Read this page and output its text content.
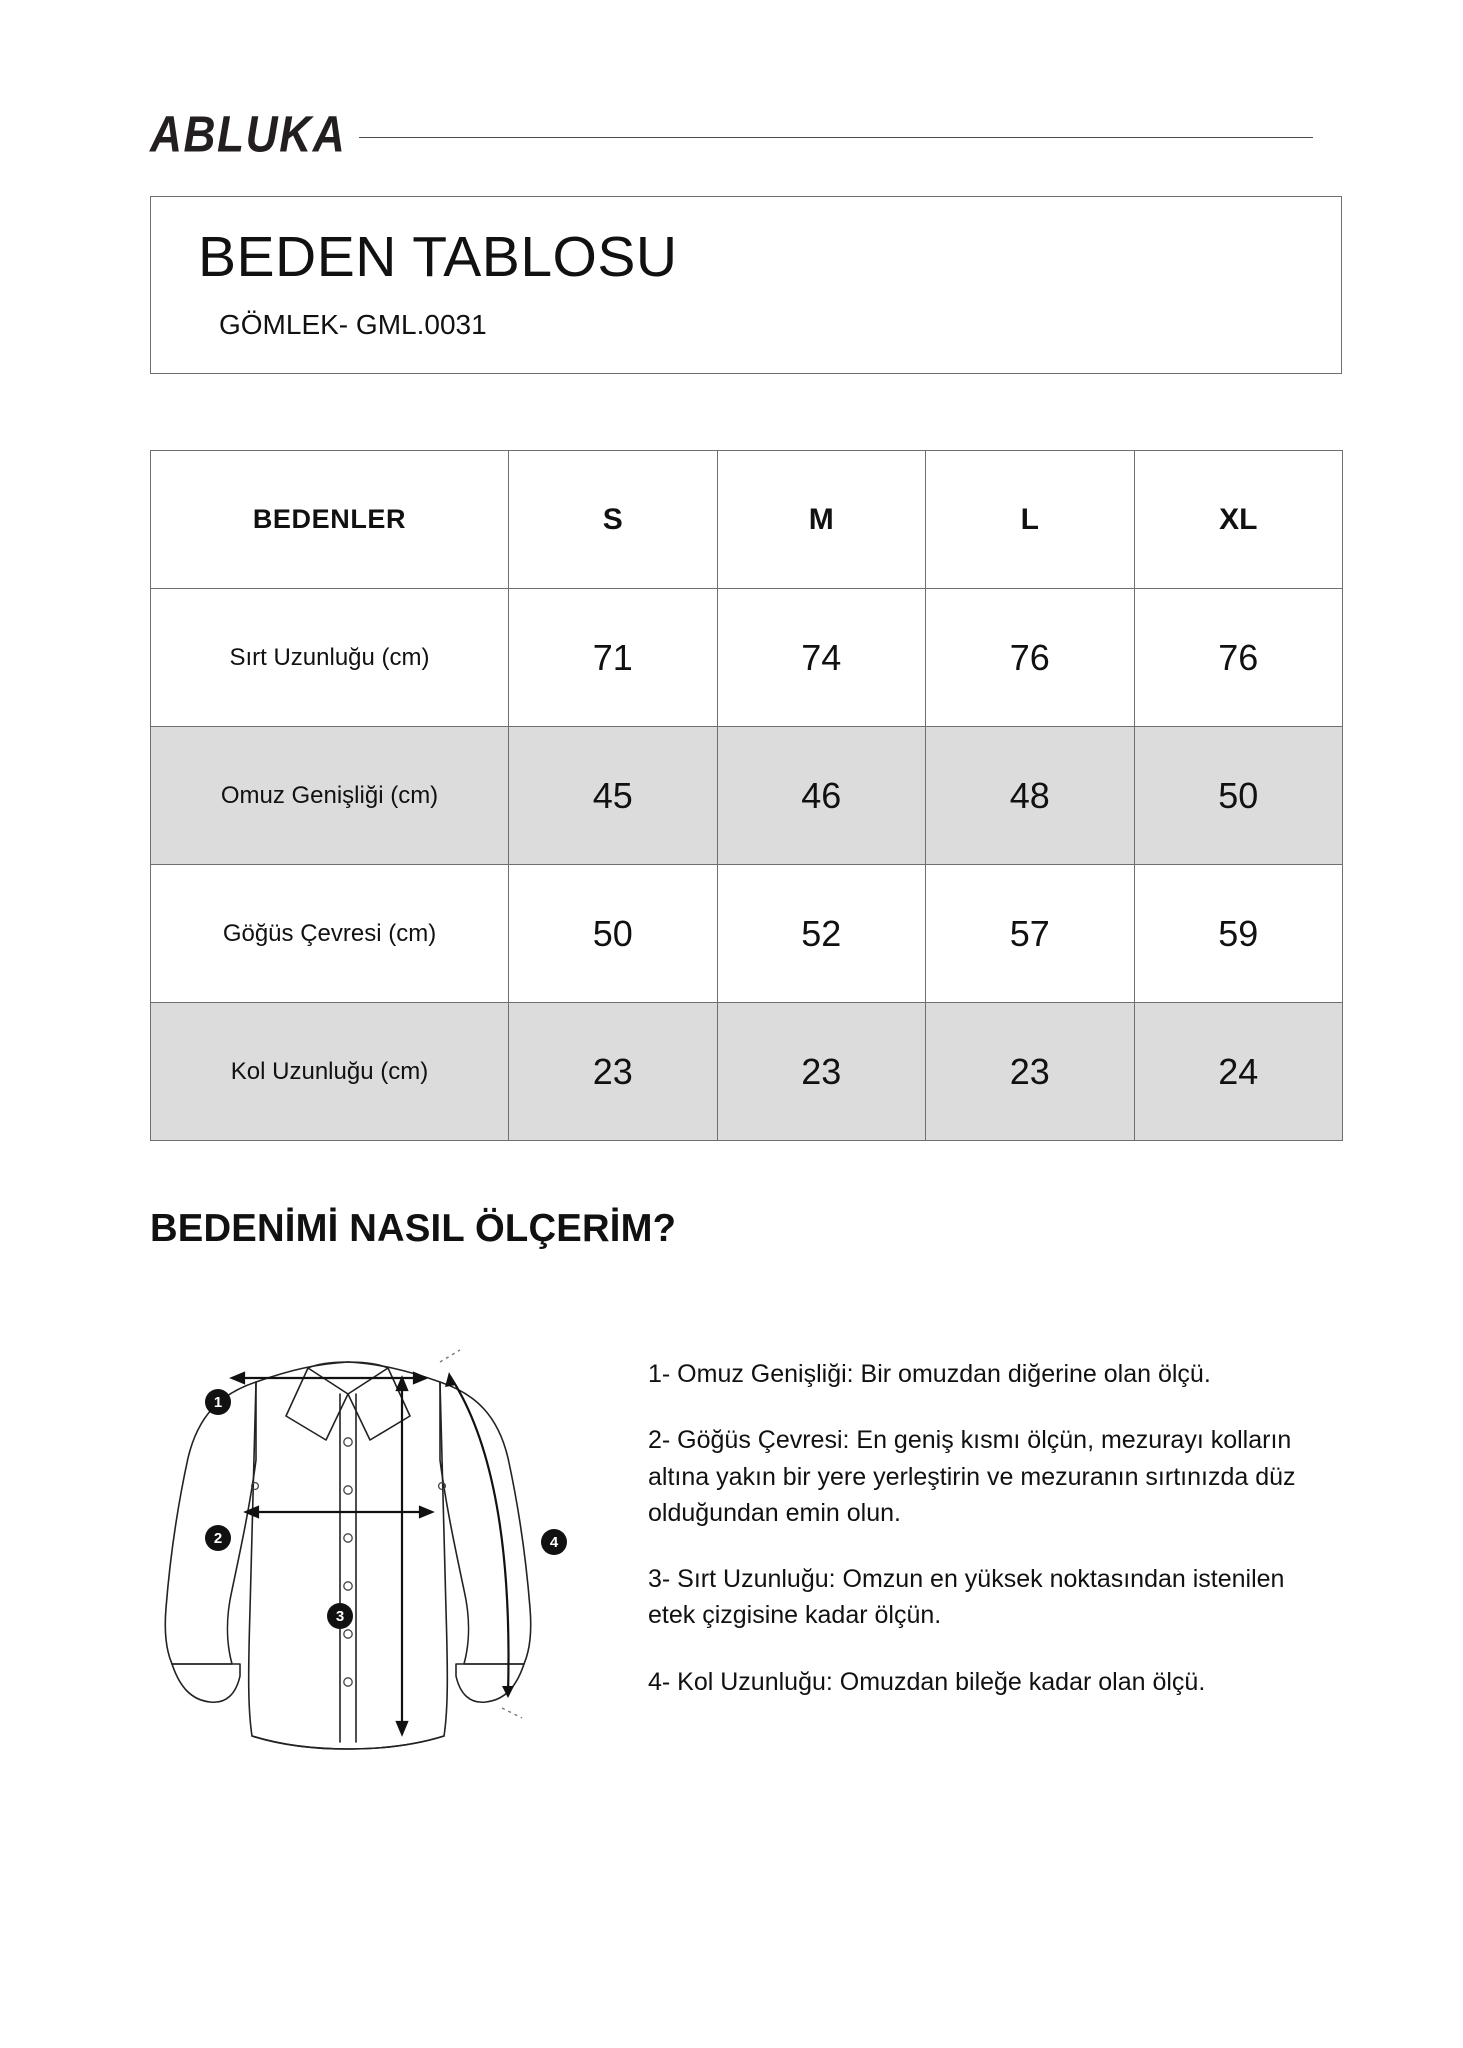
ABLUKA
BEDEN TABLOSU
GÖMLEK- GML.0031
BEDENLER	S	M	L	XL
Sırt Uzunluğu (cm)	71	74	76	76
Omuz Genişliği (cm)	45	46	48	50
Göğüs Çevresi (cm)	50	52	57	59
Kol Uzunluğu (cm)	23	23	23	24
BEDENİMİ NASIL ÖLÇERİM?
1
2
3
4
1- Omuz Genişliği: Bir omuzdan diğerine olan ölçü.
2- Göğüs Çevresi: En geniş kısmı ölçün, mezurayı kolların altına yakın bir yere yerleştirin ve mezuranın sırtınızda düz olduğundan emin olun.
3- Sırt Uzunluğu: Omzun en yüksek noktasından istenilen etek çizgisine kadar ölçün.
4- Kol Uzunluğu: Omuzdan bileğe kadar olan ölçü.
